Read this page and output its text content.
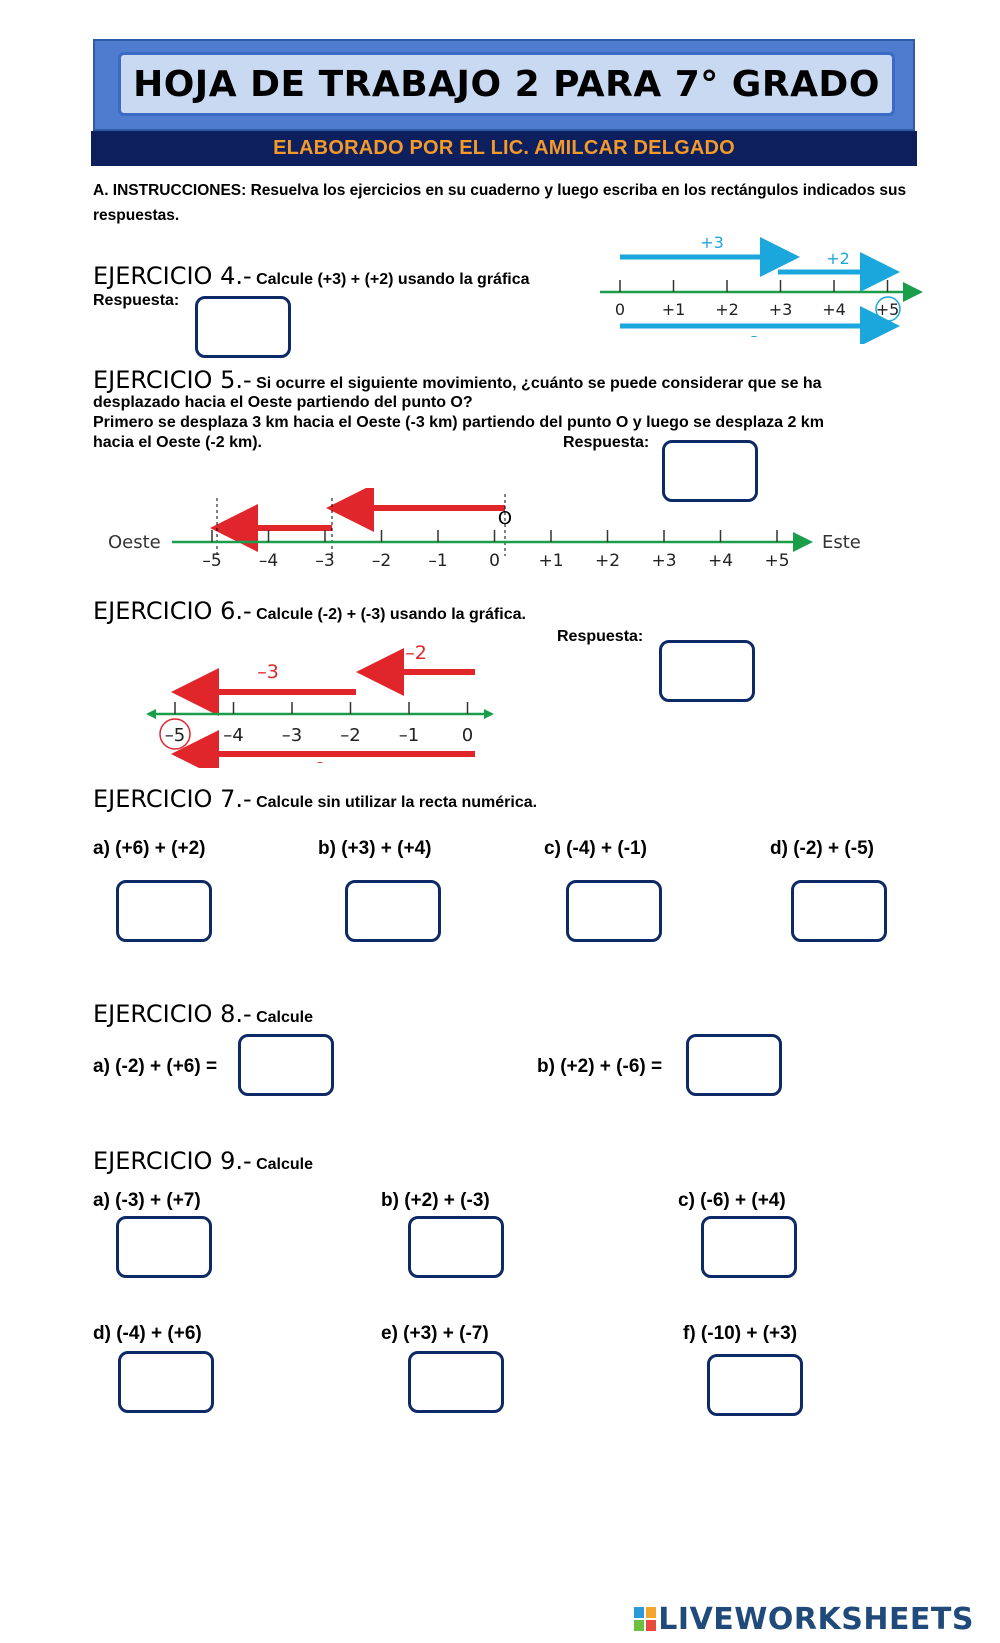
HOJA DE TRABAJO 2 PARA 7° GRADO
ELABORADO POR EL LIC. AMILCAR DELGADO
A. INSTRUCCIONES: Resuelva los ejercicios en su cuaderno y luego escriba en los rectángulos indicados sus respuestas.
EJERCICIO 4.- Calcule (+3) + (+2) usando la gráfica
Respuesta:
+3
+2
0 +1 +2 +3 +4 +5
–
EJERCICIO 5.- Si ocurre el siguiente movimiento, ¿cuánto se puede considerar que se ha
desplazado hacia el Oeste partiendo del punto O?
Primero se desplaza 3 km hacia el Oeste (-3 km) partiendo del punto O y luego se desplaza 2 km
hacia el Oeste (-2 km).	Respuesta:
O
Oeste	Este
–5 –4 –3 –2 –1 0 +1 +2 +3 +4 +5
EJERCICIO 6.- Calcule (-2) + (-3) usando la gráfica.
Respuesta:
–2
–3
–5 –4 –3 –2 –1 0
–
EJERCICIO 7.- Calcule sin utilizar la recta numérica.
a) (+6) + (+2)	b) (+3) + (+4)	c) (-4) + (-1)	d) (-2) + (-5)
EJERCICIO 8.- Calcule
a) (-2) + (+6) =	b) (+2) + (-6) =
EJERCICIO 9.- Calcule
a) (-3) + (+7)	b) (+2) + (-3)	c) (-6) + (+4)
d) (-4) + (+6)	e) (+3) + (-7)	f) (-10) + (+3)
LIVEWORKSHEETS
